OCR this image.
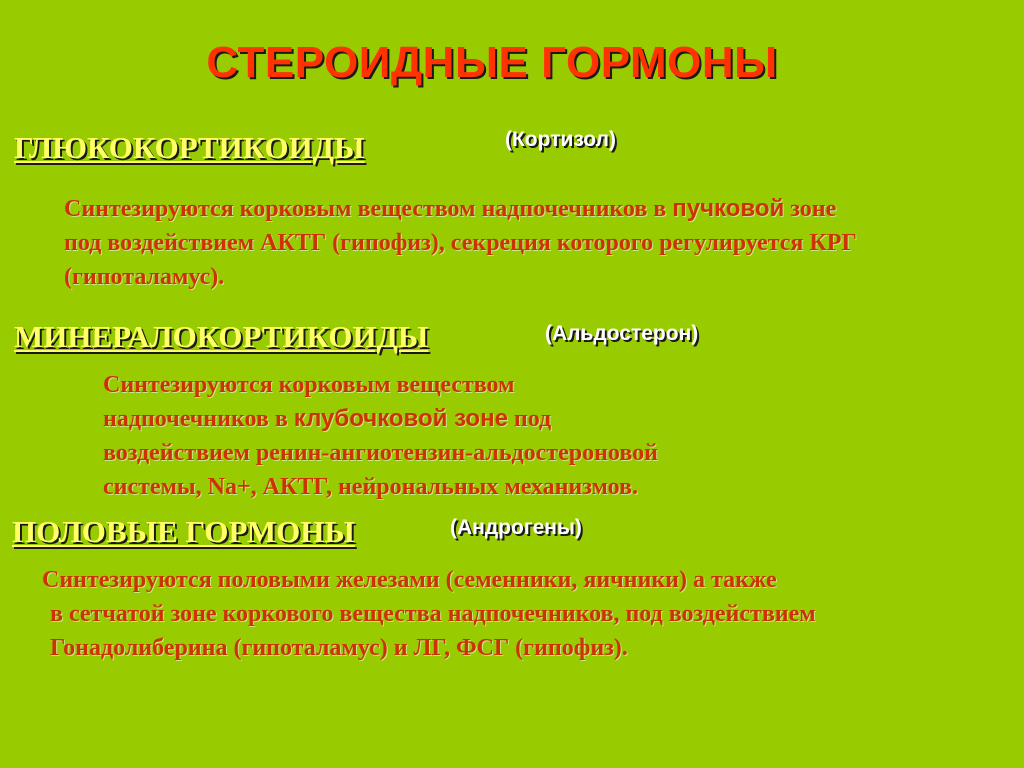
СТЕРОИДНЫЕ ГОРМОНЫ
ГЛЮКОКОРТИКОИДЫ	(Кортизол)
Синтезируются корковым веществом надпочечников в пучковой зоне
под воздействием АКТГ (гипофиз), секреция которого регулируется КРГ
(гипоталамус).
МИНЕРАЛОКОРТИКОИДЫ	(Альдостерон)
Синтезируются корковым веществом
надпочечников в клубочковой зоне под
воздействием ренин-ангиотензин-альдостероновой
системы, Na+, АКТГ, нейрональных механизмов.
ПОЛОВЫЕ ГОРМОНЫ	(Андрогены)
Синтезируются половыми железами (семенники, яичники) а также
в сетчатой зоне коркового вещества надпочечников, под воздействием
Гонадолиберина (гипоталамус) и ЛГ, ФСГ (гипофиз).
